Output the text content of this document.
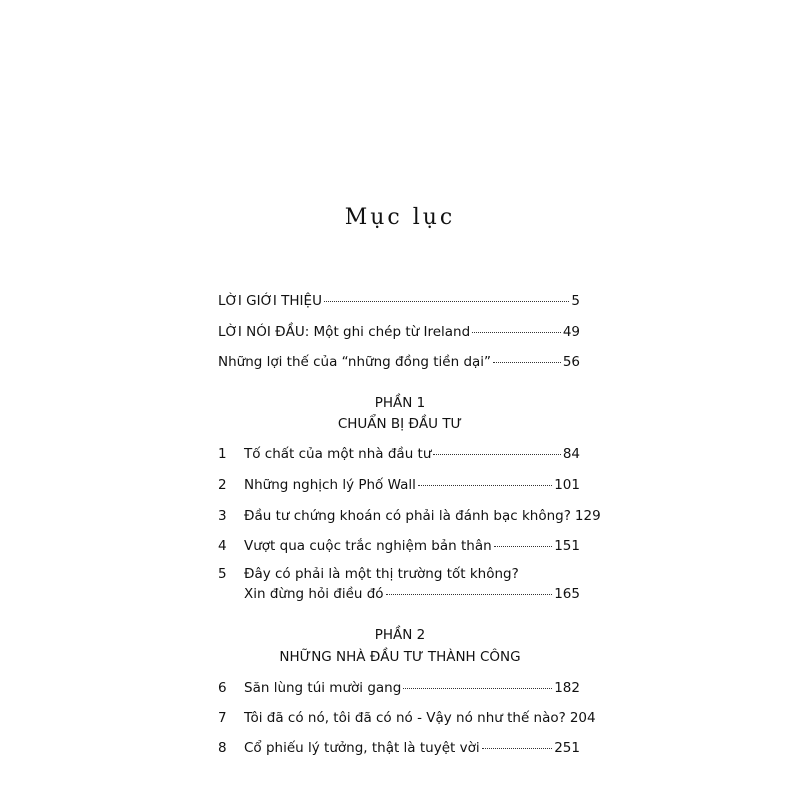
Mục lục
LỜI GIỚI THIỆU	5
LỜI NÓI ĐẦU: Một ghi chép từ Ireland	49
Những lợi thế của “những đồng tiền dại”	56
PHẦN 1
CHUẨN BỊ ĐẦU TƯ
1	Tố chất của một nhà đầu tư	84
2	Những nghịch lý Phố Wall	101
3	Đầu tư chứng khoán có phải là đánh bạc không? 129
4	Vượt qua cuộc trắc nghiệm bản thân	151
5	Đây có phải là một thị trường tốt không?
Xin đừng hỏi điều đó	165
PHẦN 2
NHỮNG NHÀ ĐẦU TƯ THÀNH CÔNG
6	Săn lùng túi mười gang	182
7	Tôi đã có nó, tôi đã có nó - Vậy nó như thế nào? 204
8	Cổ phiếu lý tưởng, thật là tuyệt vời	251
